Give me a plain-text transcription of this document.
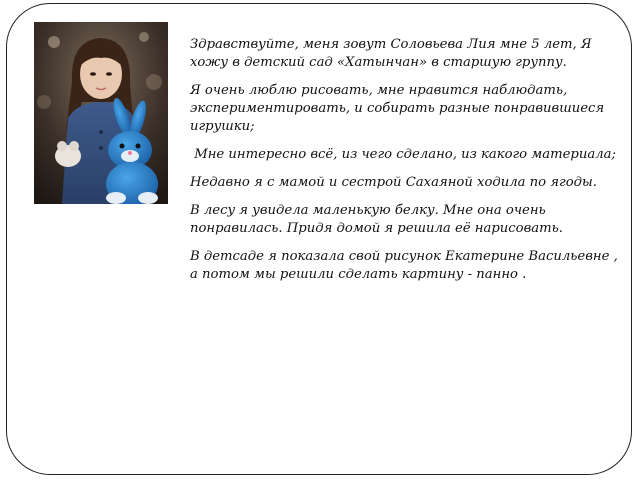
Здравствуйте, меня зовут Соловьева Лия мне 5 лет, Я  хожу в детский сад «Хатынчан» в старшую группу.

Я очень люблю рисовать, мне нравится наблюдать, экспериментировать, и собирать разные понравившиеся игрушки;

Мне интересно всё, из чего сделано, из какого материала;

Недавно я с мамой и сестрой Сахаяной ходила по ягоды.

В лесу я увидела маленькую белку. Мне она очень понравилась. Придя домой я решила её нарисовать.

В детсаде я показала свой рисунок Екатерине Васильевне , а потом мы решили сделать картину - панно .
